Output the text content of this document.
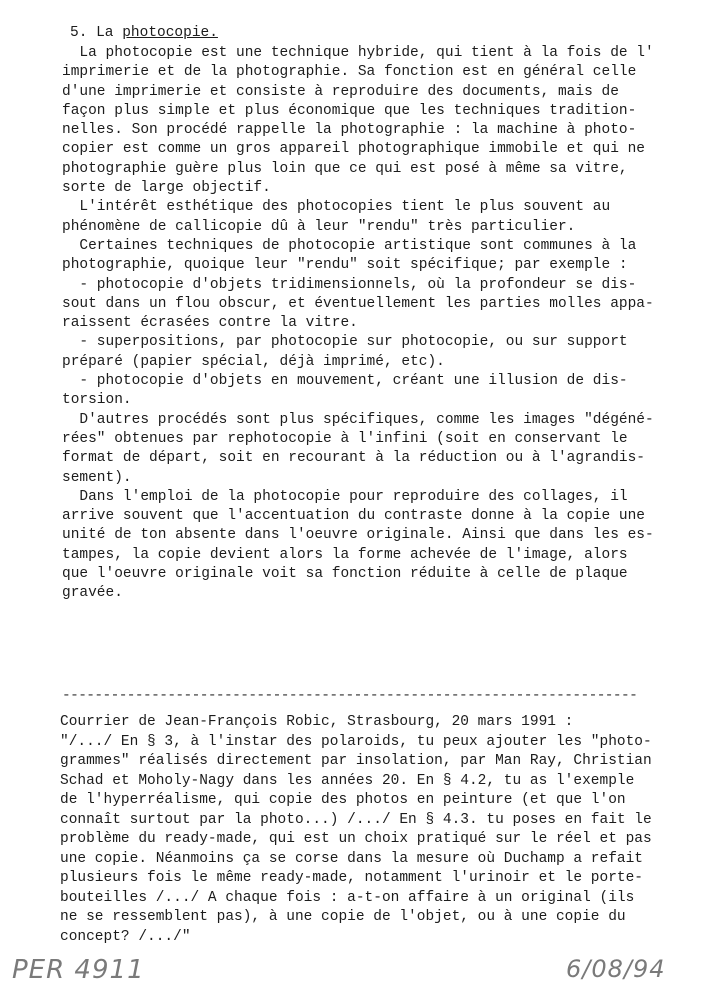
5. La photocopie.
La photocopie est une technique hybride, qui tient à la fois de l'
imprimerie et de la photographie. Sa fonction est en général celle
d'une imprimerie et consiste à reproduire des documents, mais de
façon plus simple et plus économique que les techniques tradition-
nelles. Son procédé rappelle la photographie : la machine à photo-
copier est comme un gros appareil photographique immobile et qui ne
photographie guère plus loin que ce qui est posé à même sa vitre,
sorte de large objectif.
L'intérêt esthétique des photocopies tient le plus souvent au
phénomène de callicopie dû à leur "rendu" très particulier.
Certaines techniques de photocopie artistique sont communes à la
photographie, quoique leur "rendu" soit spécifique; par exemple :
- photocopie d'objets tridimensionnels, où la profondeur se dis-
sout dans un flou obscur, et éventuellement les parties molles appa-
raissent écrasées contre la vitre.
- superpositions, par photocopie sur photocopie, ou sur support
préparé (papier spécial, déjà imprimé, etc).
- photocopie d'objets en mouvement, créant une illusion de dis-
torsion.
D'autres procédés sont plus spécifiques, comme les images "dégéné-
rées" obtenues par rephotocopie à l'infini (soit en conservant le
format de départ, soit en recourant à la réduction ou à l'agrandis-
sement).
Dans l'emploi de la photocopie pour reproduire des collages, il
arrive souvent que l'accentuation du contraste donne à la copie une
unité de ton absente dans l'oeuvre originale. Ainsi que dans les es-
tampes, la copie devient alors la forme achevée de l'image, alors
que l'oeuvre originale voit sa fonction réduite à celle de plaque
gravée.
-----------------------------------------------------------------------
Courrier de Jean-François Robic, Strasbourg, 20 mars 1991 :
"/.../ En § 3, à l'instar des polaroids, tu peux ajouter les "photo-
grammes" réalisés directement par insolation, par Man Ray, Christian
Schad et Moholy-Nagy dans les années 20. En § 4.2, tu as l'exemple
de l'hyperréalisme, qui copie des photos en peinture (et que l'on
connaît surtout par la photo...) /.../ En § 4.3. tu poses en fait le
problème du ready-made, qui est un choix pratiqué sur le réel et pas
une copie. Néanmoins ça se corse dans la mesure où Duchamp a refait
plusieurs fois le même ready-made, notamment l'urinoir et le porte-
bouteilles /.../ A chaque fois : a-t-on affaire à un original (ils
ne se ressemblent pas), à une copie de l'objet, ou à une copie du
concept? /.../"
PER 4911	6/08/94
